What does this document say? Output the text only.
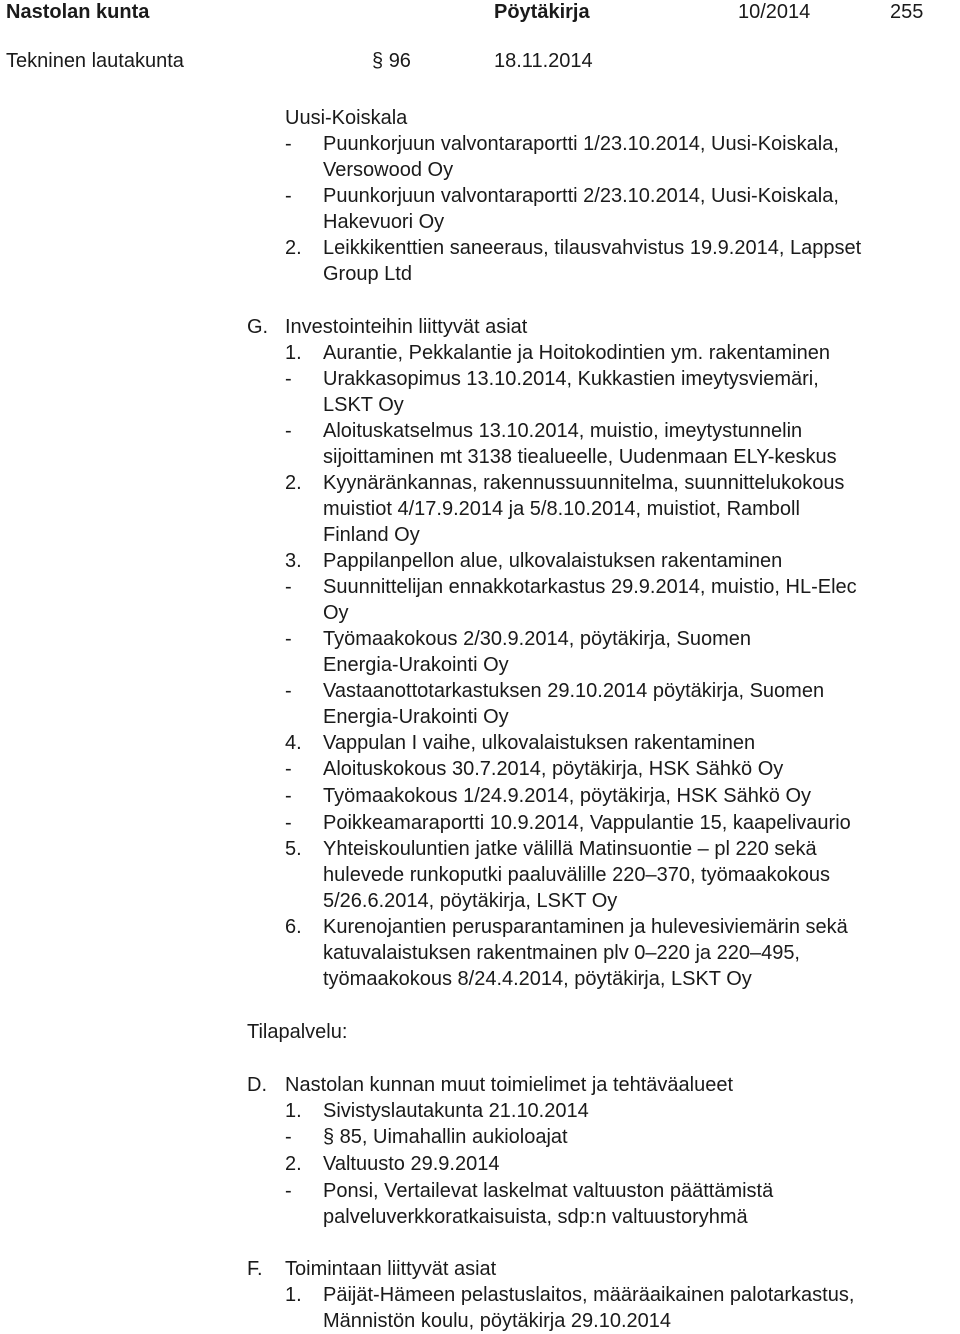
Nastolan kunta	Pöytäkirja	10/2014	255
Tekninen lautakunta	§ 96	18.11.2014
Uusi-Koiskala
- Puunkorjuun valvontaraportti 1/23.10.2014, Uusi-Koiskala,
Versowood Oy
- Puunkorjuun valvontaraportti 2/23.10.2014, Uusi-Koiskala,
Hakevuori Oy
2. Leikkikenttien saneeraus, tilausvahvistus 19.9.2014, Lappset
Group Ltd
G. Investointeihin liittyvät asiat
1. Aurantie, Pekkalantie ja Hoitokodintien ym. rakentaminen
- Urakkasopimus 13.10.2014, Kukkastien imeytysviemäri,
LSKT Oy
- Aloituskatselmus 13.10.2014, muistio, imeytystunnelin
sijoittaminen mt 3138 tiealueelle, Uudenmaan ELY-keskus
2. Kyynäränkannas, rakennussuunnitelma, suunnittelukokous
muistiot 4/17.9.2014 ja 5/8.10.2014, muistiot, Ramboll
Finland Oy
3. Pappilanpellon alue, ulkovalaistuksen rakentaminen
- Suunnittelijan ennakkotarkastus 29.9.2014, muistio, HL-Elec
Oy
- Työmaakokous 2/30.9.2014, pöytäkirja, Suomen
Energia-Urakointi Oy
- Vastaanottotarkastuksen 29.10.2014 pöytäkirja, Suomen
Energia-Urakointi Oy
4. Vappulan I vaihe, ulkovalaistuksen rakentaminen
- Aloituskokous 30.7.2014, pöytäkirja, HSK Sähkö Oy
- Työmaakokous 1/24.9.2014, pöytäkirja, HSK Sähkö Oy
- Poikkeamaraportti 10.9.2014, Vappulantie 15, kaapelivaurio
5. Yhteiskouluntien jatke välillä Matinsuontie – pl 220 sekä
hulevede runkoputki paaluvälille 220–370, työmaakokous
5/26.6.2014, pöytäkirja, LSKT Oy
6. Kurenojantien perusparantaminen ja hulevesiviemärin sekä
katuvalaistuksen rakentmainen plv 0–220 ja 220–495,
työmaakokous 8/24.4.2014, pöytäkirja, LSKT Oy
Tilapalvelu:
D. Nastolan kunnan muut toimielimet ja tehtäväalueet
1. Sivistyslautakunta 21.10.2014
- § 85, Uimahallin aukioloajat
2. Valtuusto 29.9.2014
- Ponsi, Vertailevat laskelmat valtuuston päättämistä
palveluverkkoratkaisuista, sdp:n valtuustoryhmä
F. Toimintaan liittyvät asiat
1. Päijät-Hämeen pelastuslaitos, määräaikainen palotarkastus,
Männistön koulu, pöytäkirja 29.10.2014
